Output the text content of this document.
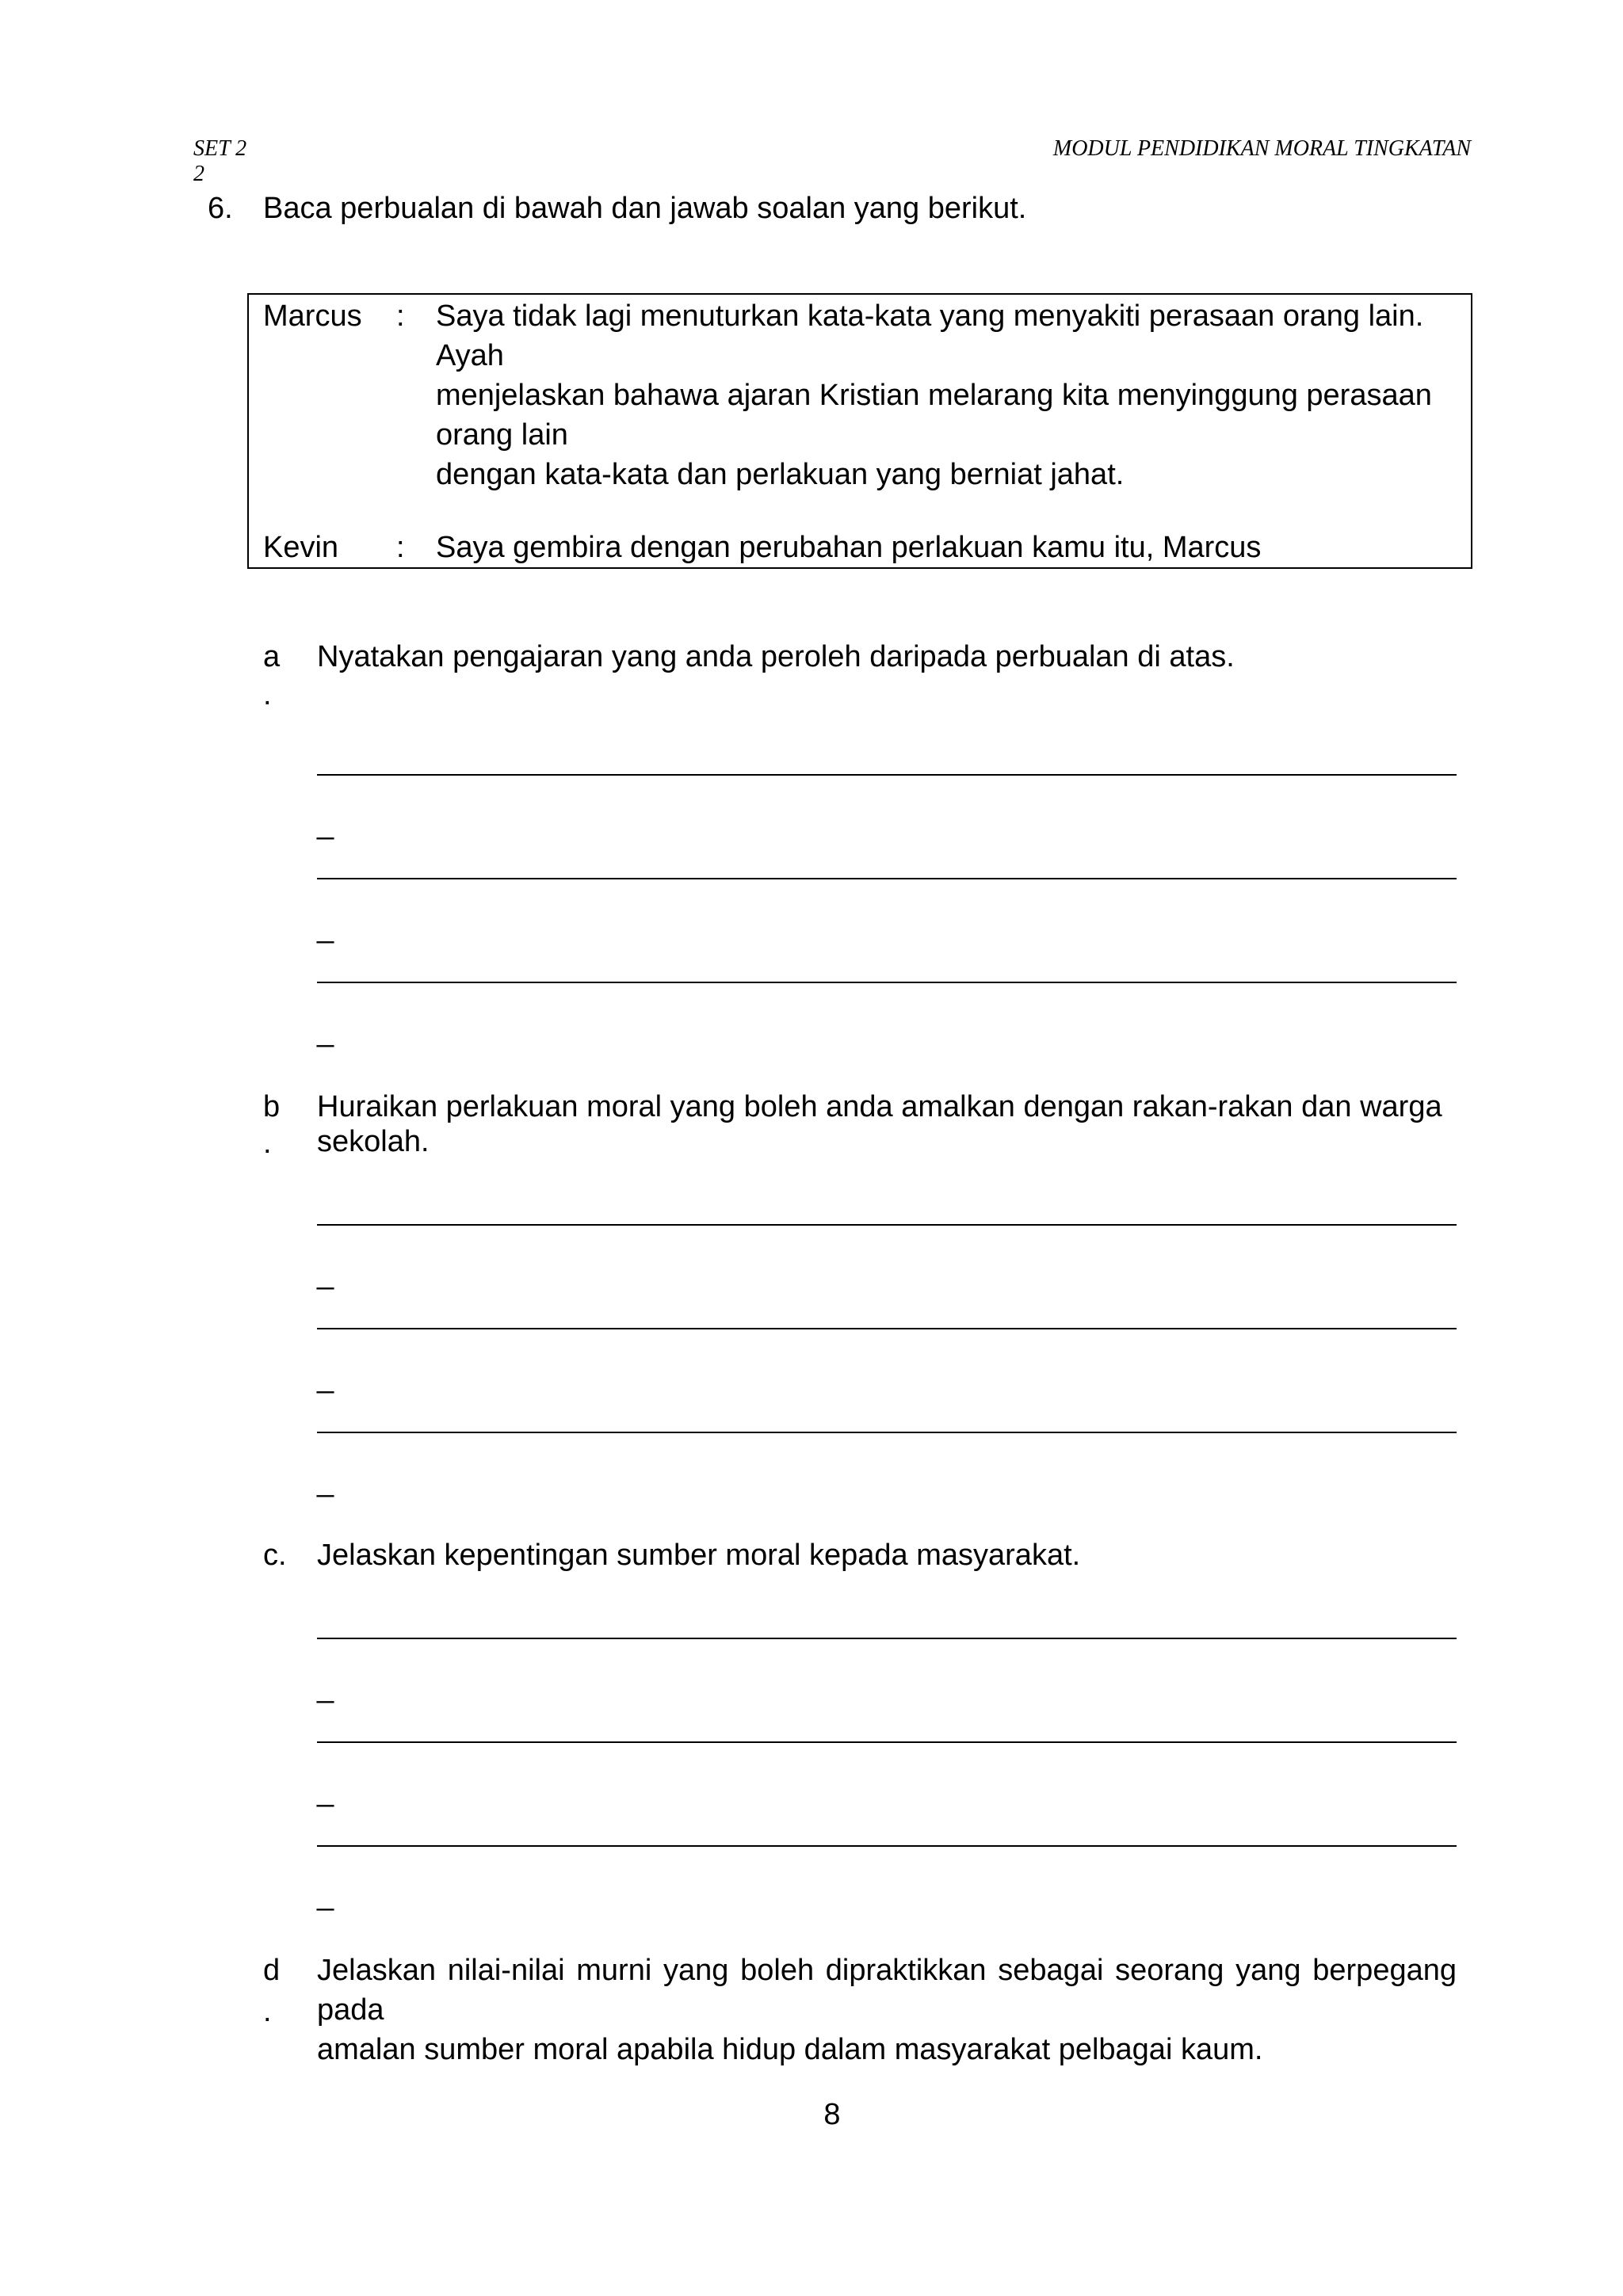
SET 2
2
MODUL PENDIDIKAN MORAL TINGKATAN
6. Baca perbualan di bawah dan jawab soalan yang berikut.
Marcus : Saya tidak lagi menuturkan kata-kata yang menyakiti perasaan orang lain.
Ayah
menjelaskan bahawa ajaran Kristian melarang kita menyinggung perasaan
orang lain
dengan kata-kata dan perlakuan yang berniat jahat.
Kevin : Saya gembira dengan perubahan perlakuan kamu itu, Marcus
a
.
Nyatakan pengajaran yang anda peroleh daripada perbualan di atas.
_
_
_
b
.
Huraikan perlakuan moral yang boleh anda amalkan dengan rakan-rakan dan warga
sekolah.
_
_
_
c. Jelaskan kepentingan sumber moral kepada masyarakat.
_
_
_
d
.
Jelaskan nilai-nilai murni yang boleh dipraktikkan sebagai seorang yang berpegang
pada
amalan sumber moral apabila hidup dalam masyarakat pelbagai kaum.
8
